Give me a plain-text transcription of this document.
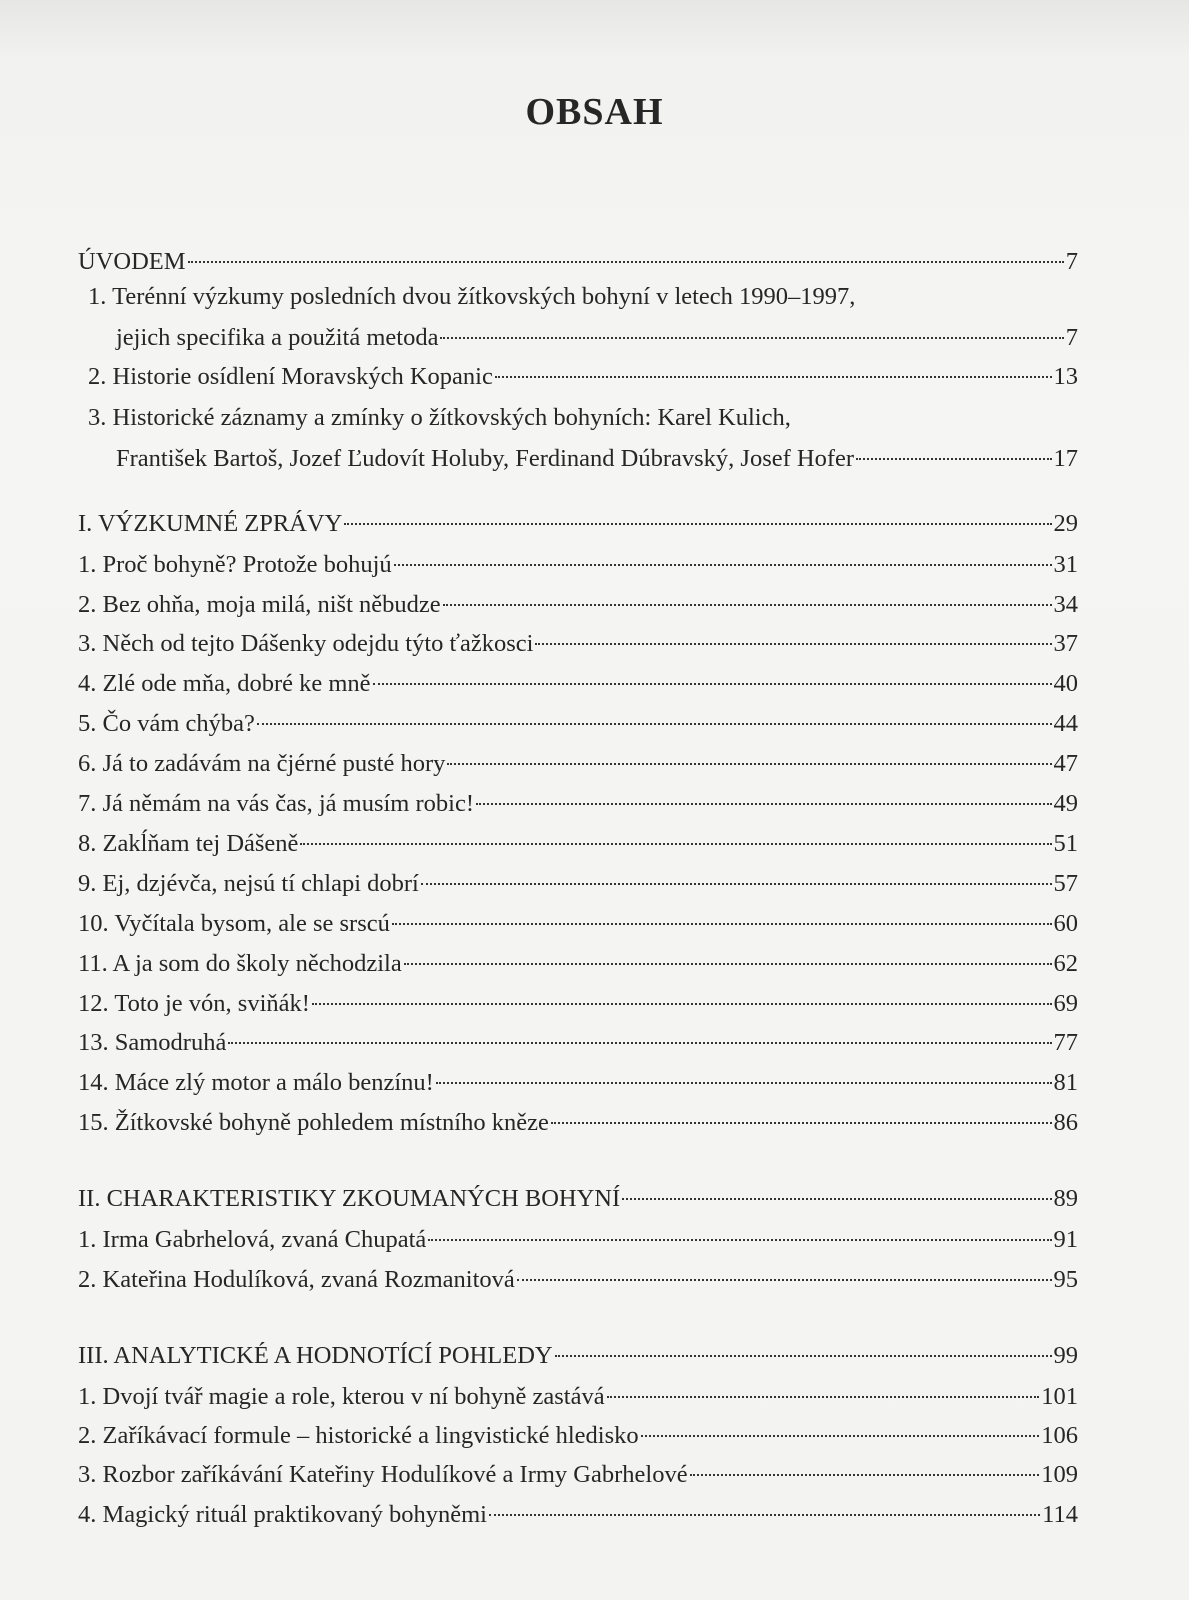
OBSAH
ÚVODEM	7
1. Terénní výzkumy posledních dvou žítkovských bohyní v letech 1990–1997,
jejich specifika a použitá metoda	7
2. Historie osídlení Moravských Kopanic	13
3. Historické záznamy a zmínky o žítkovských bohyních: Karel Kulich,
František Bartoš, Jozef Ľudovít Holuby, Ferdinand Dúbravský, Josef Hofer	17
I. VÝZKUMNÉ ZPRÁVY	29
1. Proč bohyně? Protože bohujú	31
2. Bez ohňa, moja milá, ništ něbudze	34
3. Něch od tejto Dášenky odejdu týto ťažkosci	37
4. Zlé ode mňa, dobré ke mně	40
5. Čo vám chýba?	44
6. Já to zadávám na čjérné pusté hory	47
7. Já němám na vás čas, já musím robic!	49
8. Zakĺňam tej Dášeně	51
9. Ej, dzjévča, nejsú tí chlapi dobrí	57
10. Vyčítala bysom, ale se srscú	60
11. A ja som do školy něchodzila	62
12. Toto je vón, sviňák!	69
13. Samodruhá	77
14. Máce zlý motor a málo benzínu!	81
15. Žítkovské bohyně pohledem místního kněze	86
II. CHARAKTERISTIKY ZKOUMANÝCH BOHYNÍ	89
1. Irma Gabrhelová, zvaná Chupatá	91
2. Kateřina Hodulíková, zvaná Rozmanitová	95
III. ANALYTICKÉ A HODNOTÍCÍ POHLEDY	99
1. Dvojí tvář magie a role, kterou v ní bohyně zastává	101
2. Zaříkávací formule – historické a lingvistické hledisko	106
3. Rozbor zaříkávání Kateřiny Hodulíkové a Irmy Gabrhelové	109
4. Magický rituál praktikovaný bohyněmi	114
